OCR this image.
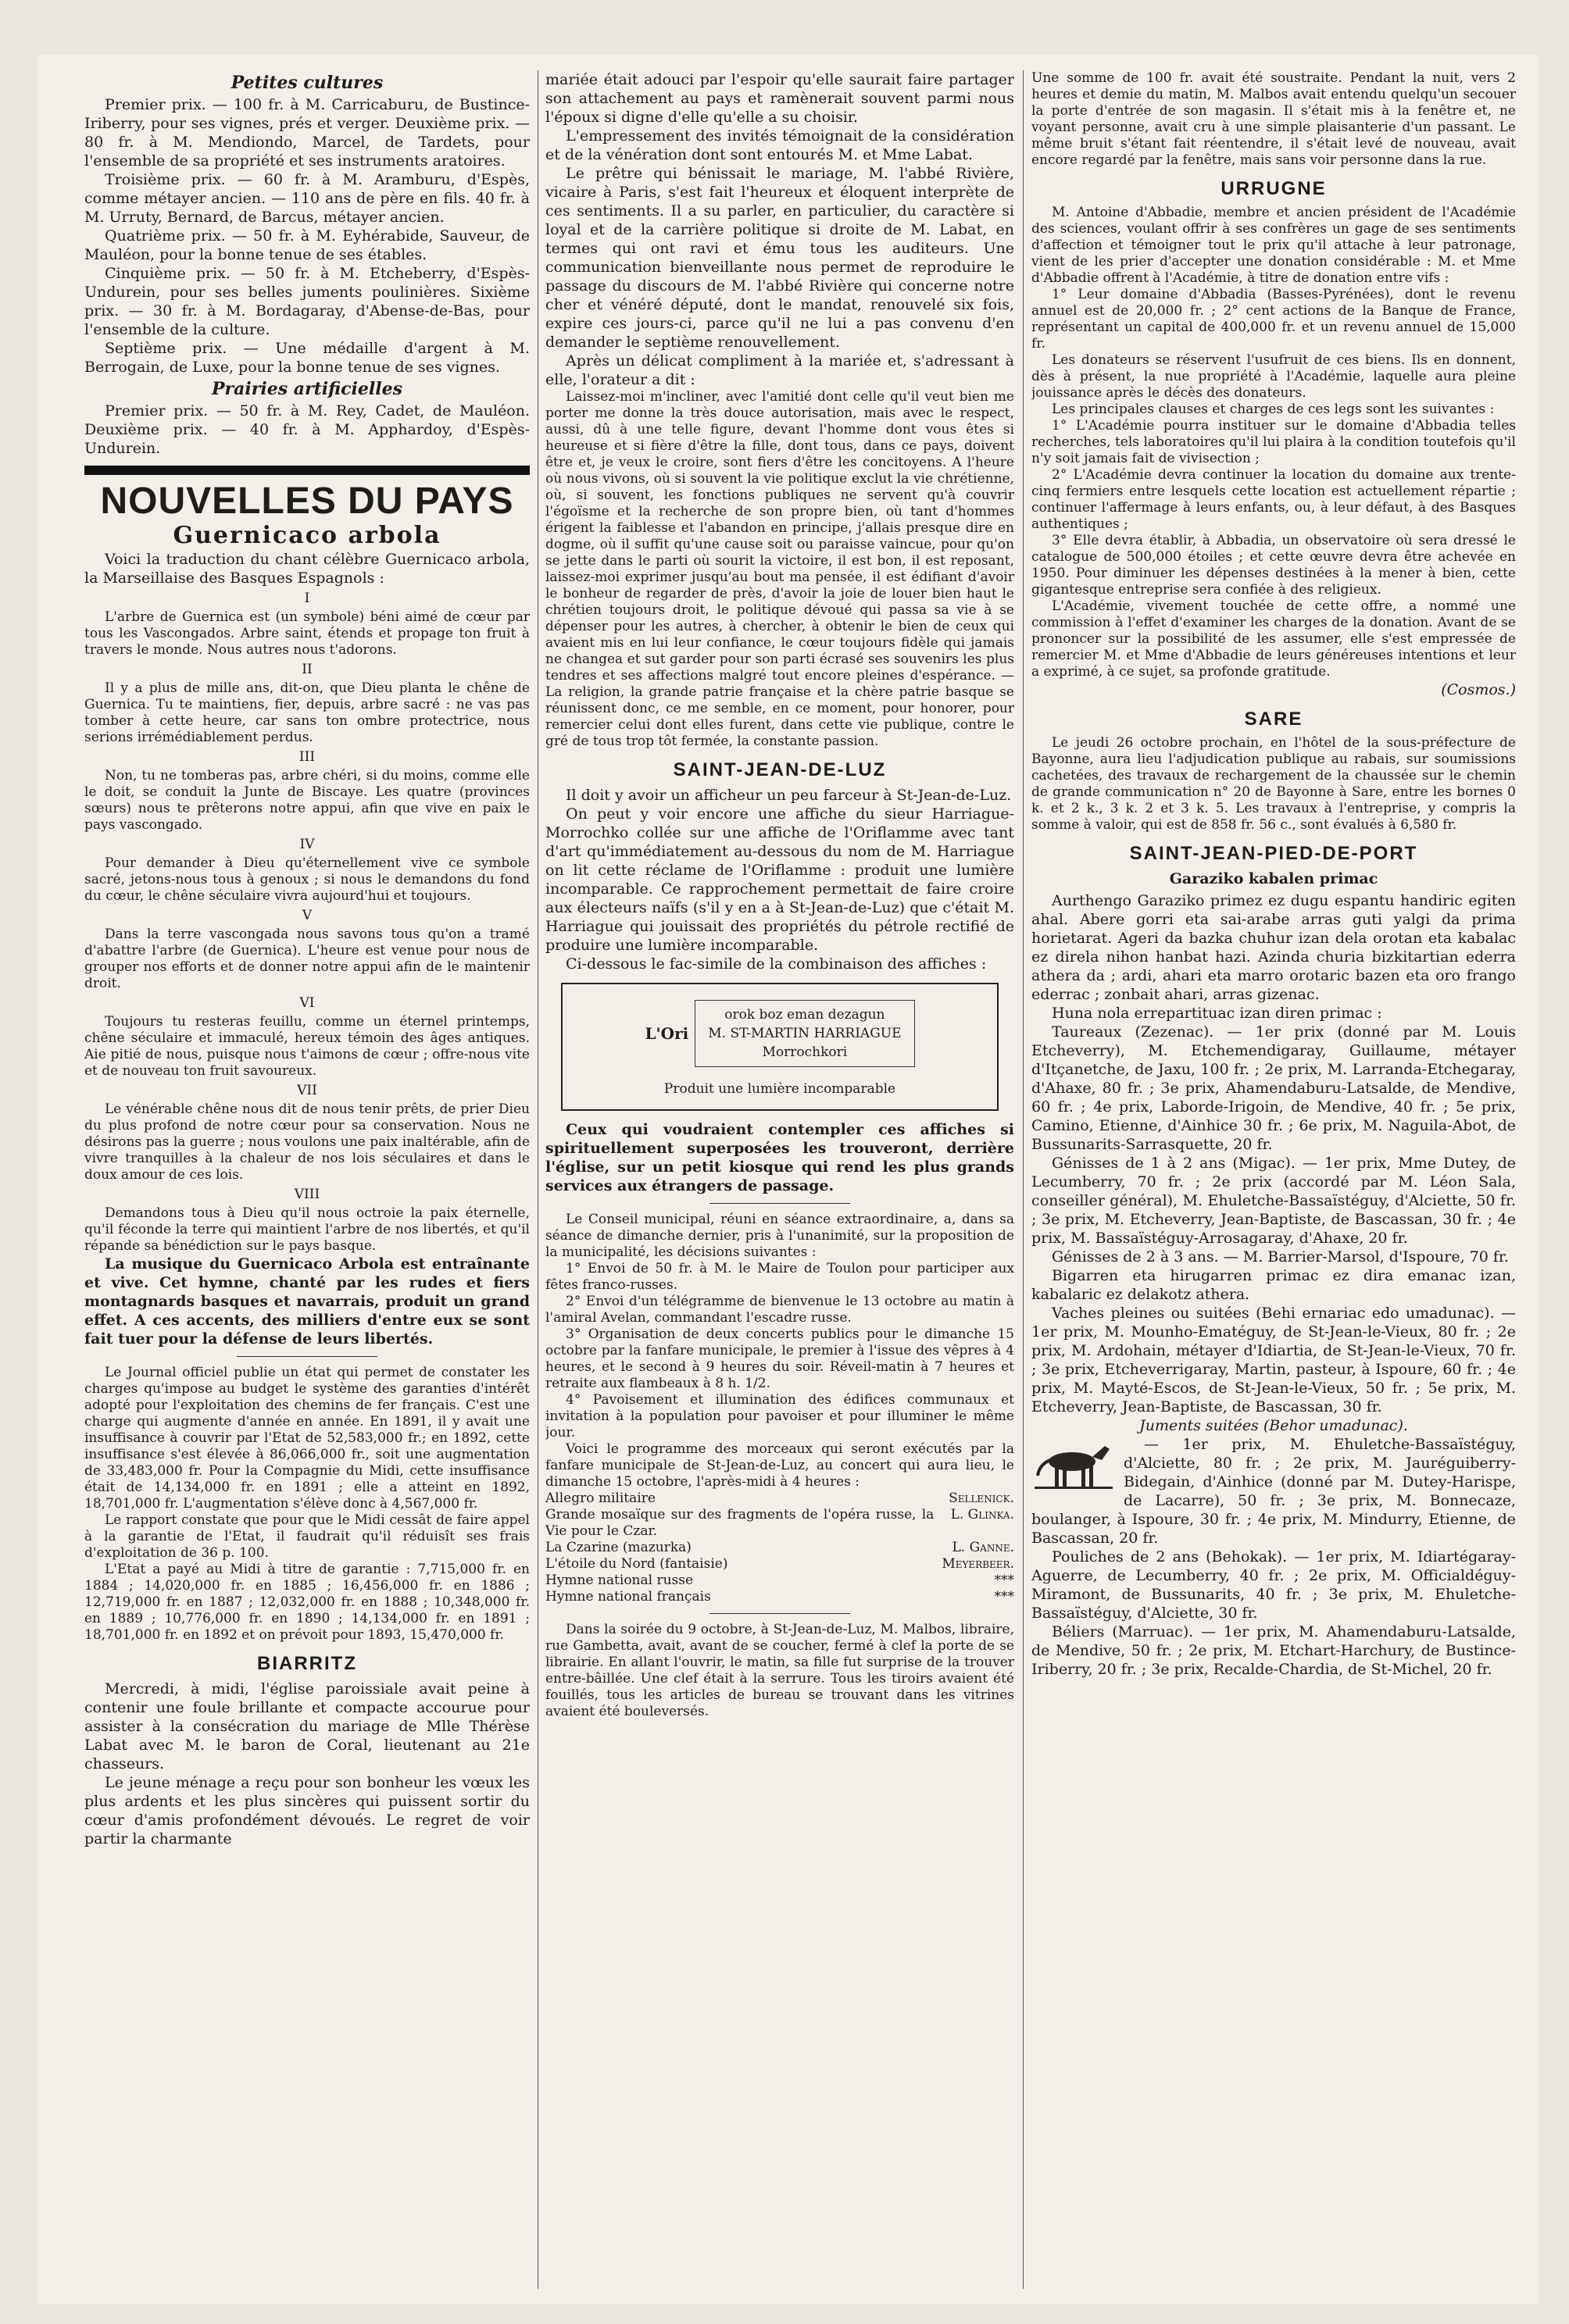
Petites cultures

Premier prix. — 100 fr. à M. Carricaburu, de Bustince-Iriberry, pour ses vignes, prés et verger. Deuxième prix. — 80 fr. à M. Mendiondo, Marcel, de Tardets, pour l'ensemble de sa propriété et ses instruments aratoires.

Troisième prix. — 60 fr. à M. Aramburu, d'Espès, comme métayer ancien. — 110 ans de père en fils. 40 fr. à M. Urruty, Bernard, de Barcus, métayer ancien.

Quatrième prix. — 50 fr. à M. Eyhérabide, Sauveur, de Mauléon, pour la bonne tenue de ses étables.

Cinquième prix. — 50 fr. à M. Etcheberry, d'Espès-Undurein, pour ses belles juments poulinières. Sixième prix. — 30 fr. à M. Bordagaray, d'Abense-de-Bas, pour l'ensemble de la culture.

Septième prix. — Une médaille d'argent à M. Berrogain, de Luxe, pour la bonne tenue de ses vignes.

Prairies artificielles

Premier prix. — 50 fr. à M. Rey, Cadet, de Mauléon. Deuxième prix. — 40 fr. à M. Apphardoy, d'Espès-Undurein.

NOUVELLES DU PAYS
Guernicaco arbola

Voici la traduction du chant célèbre Guernicaco arbola, la Marseillaise des Basques Espagnols :

I

L'arbre de Guernica est (un symbole) béni aimé de cœur par tous les Vascongados. Arbre saint, étends et propage ton fruit à travers le monde. Nous autres nous t'adorons.

II

Il y a plus de mille ans, dit-on, que Dieu planta le chêne de Guernica. Tu te maintiens, fier, depuis, arbre sacré : ne vas pas tomber à cette heure, car sans ton ombre protectrice, nous serions irrémédiablement perdus.

III

Non, tu ne tomberas pas, arbre chéri, si du moins, comme elle le doit, se conduit la Junte de Biscaye. Les quatre (provinces sœurs) nous te prêterons notre appui, afin que vive en paix le pays vascongado.

IV

Pour demander à Dieu qu'éternellement vive ce symbole sacré, jetons-nous tous à genoux ; si nous le demandons du fond du cœur, le chêne séculaire vivra aujourd'hui et toujours.

V

Dans la terre vascongada nous savons tous qu'on a tramé d'abattre l'arbre (de Guernica). L'heure est venue pour nous de grouper nos efforts et de donner notre appui afin de le maintenir droit.

VI

Toujours tu resteras feuillu, comme un éternel printemps, chêne séculaire et immaculé, hereux témoin des âges antiques. Aie pitié de nous, puisque nous t'aimons de cœur ; offre-nous vite et de nouveau ton fruit savoureux.

VII

Le vénérable chêne nous dit de nous tenir prêts, de prier Dieu du plus profond de notre cœur pour sa conservation. Nous ne désirons pas la guerre ; nous voulons une paix inaltérable, afin de vivre tranquilles à la chaleur de nos lois séculaires et dans le doux amour de ces lois.

VIII

Demandons tous à Dieu qu'il nous octroie la paix éternelle, qu'il féconde la terre qui maintient l'arbre de nos libertés, et qu'il répande sa bénédiction sur le pays basque.

La musique du Guernicaco Arbola est entraînante et vive. Cet hymne, chanté par les rudes et fiers montagnards basques et navarrais, produit un grand effet. A ces accents, des milliers d'entre eux se sont fait tuer pour la défense de leurs libertés.

Le Journal officiel publie un état qui permet de constater les charges qu'impose au budget le système des garanties d'intérêt adopté pour l'exploitation des chemins de fer français. C'est une charge qui augmente d'année en année. En 1891, il y avait une insuffisance à couvrir par l'Etat de 52,583,000 fr.; en 1892, cette insuffisance s'est élevée à 86,066,000 fr., soit une augmentation de 33,483,000 fr. Pour la Compagnie du Midi, cette insuffisance était de 14,134,000 fr. en 1891 ; elle a atteint en 1892, 18,701,000 fr. L'augmentation s'élève donc à 4,567,000 fr.

Le rapport constate que pour que le Midi cessât de faire appel à la garantie de l'Etat, il faudrait qu'il réduisît ses frais d'exploitation de 36 p. 100.

L'Etat a payé au Midi à titre de garantie : 7,715,000 fr. en 1884 ; 14,020,000 fr. en 1885 ; 16,456,000 fr. en 1886 ; 12,719,000 fr. en 1887 ; 12,032,000 fr. en 1888 ; 10,348,000 fr. en 1889 ; 10,776,000 fr. en 1890 ; 14,134,000 fr. en 1891 ; 18,701,000 fr. en 1892 et on prévoit pour 1893, 15,470,000 fr.

BIARRITZ

Mercredi, à midi, l'église paroissiale avait peine à contenir une foule brillante et compacte accourue pour assister à la consécration du mariage de Mlle Thérèse Labat avec M. le baron de Coral, lieutenant au 21e chasseurs.

Le jeune ménage a reçu pour son bonheur les vœux les plus ardents et les plus sincères qui puissent sortir du cœur d'amis profondément dévoués. Le regret de voir partir la charmante

mariée était adouci par l'espoir qu'elle saurait faire partager son attachement au pays et ramènerait souvent parmi nous l'époux si digne d'elle qu'elle a su choisir.

L'empressement des invités témoignait de la considération et de la vénération dont sont entourés M. et Mme Labat.

Le prêtre qui bénissait le mariage, M. l'abbé Rivière, vicaire à Paris, s'est fait l'heureux et éloquent interprète de ces sentiments. Il a su parler, en particulier, du caractère si loyal et de la carrière politique si droite de M. Labat, en termes qui ont ravi et ému tous les auditeurs. Une communication bienveillante nous permet de reproduire le passage du discours de M. l'abbé Rivière qui concerne notre cher et vénéré député, dont le mandat, renouvelé six fois, expire ces jours-ci, parce qu'il ne lui a pas convenu d'en demander le septième renouvellement.

Après un délicat compliment à la mariée et, s'adressant à elle, l'orateur a dit :

Laissez-moi m'incliner, avec l'amitié dont celle qu'il veut bien me porter me donne la très douce autorisation, mais avec le respect, aussi, dû à une telle figure, devant l'homme dont vous êtes si heureuse et si fière d'être la fille, dont tous, dans ce pays, doivent être et, je veux le croire, sont fiers d'être les concitoyens. A l'heure où nous vivons, où si souvent la vie politique exclut la vie chrétienne, où, si souvent, les fonctions publiques ne servent qu'à couvrir l'égoïsme et la recherche de son propre bien, où tant d'hommes érigent la faiblesse et l'abandon en principe, j'allais presque dire en dogme, où il suffit qu'une cause soit ou paraisse vaincue, pour qu'on se jette dans le parti où sourit la victoire, il est bon, il est reposant, laissez-moi exprimer jusqu'au bout ma pensée, il est édifiant d'avoir le bonheur de regarder de près, d'avoir la joie de louer bien haut le chrétien toujours droit, le politique dévoué qui passa sa vie à se dépenser pour les autres, à chercher, à obtenir le bien de ceux qui avaient mis en lui leur confiance, le cœur toujours fidèle qui jamais ne changea et sut garder pour son parti écrasé ses souvenirs les plus tendres et ses affections malgré tout encore pleines d'espérance. — La religion, la grande patrie française et la chère patrie basque se réunissent donc, ce me semble, en ce moment, pour honorer, pour remercier celui dont elles furent, dans cette vie publique, contre le gré de tous trop tôt fermée, la constante passion.

SAINT-JEAN-DE-LUZ

Il doit y avoir un afficheur un peu farceur à St-Jean-de-Luz.

On peut y voir encore une affiche du sieur Harriague-Morrochko collée sur une affiche de l'Oriflamme avec tant d'art qu'immédiatement au-dessous du nom de M. Harriague on lit cette réclame de l'Oriflamme : produit une lumière incomparable. Ce rapprochement permettait de faire croire aux électeurs naïfs (s'il y en a à St-Jean-de-Luz) que c'était M. Harriague qui jouissait des propriétés du pétrole rectifié de produire une lumière incomparable.

Ci-dessous le fac-simile de la combinaison des affiches :

L'Ori
orok boz eman dezagun
M. ST-MARTIN HARRIAGUE
Morrochkori
Produit une lumière incomparable

Ceux qui voudraient contempler ces affiches si spirituellement superposées les trouveront, derrière l'église, sur un petit kiosque qui rend les plus grands services aux étrangers de passage.

Le Conseil municipal, réuni en séance extraordinaire, a, dans sa séance de dimanche dernier, pris à l'unanimité, sur la proposition de la municipalité, les décisions suivantes :

1° Envoi de 50 fr. à M. le Maire de Toulon pour participer aux fêtes franco-russes.

2° Envoi d'un télégramme de bienvenue le 13 octobre au matin à l'amiral Avelan, commandant l'escadre russe.

3° Organisation de deux concerts publics pour le dimanche 15 octobre par la fanfare municipale, le premier à l'issue des vêpres à 4 heures, et le second à 9 heures du soir. Réveil-matin à 7 heures et retraite aux flambeaux à 8 h. 1/2.

4° Pavoisement et illumination des édifices communaux et invitation à la population pour pavoiser et pour illuminer le même jour.

Voici le programme des morceaux qui seront exécutés par la fanfare municipale de St-Jean-de-Luz, au concert qui aura lieu, le dimanche 15 octobre, l'après-midi à 4 heures :

Allegro militaire	Sellenick.
Grande mosaïque sur des fragments de l'opéra russe, la Vie pour le Czar.	L. Glinka.
La Czarine (mazurka)	L. Ganne.
L'étoile du Nord (fantaisie)	Meyerbeer.
Hymne national russe	***
Hymne national français	***

Dans la soirée du 9 octobre, à St-Jean-de-Luz, M. Malbos, libraire, rue Gambetta, avait, avant de se coucher, fermé à clef la porte de se librairie. En allant l'ouvrir, le matin, sa fille fut surprise de la trouver entre-bâillée. Une clef était à la serrure. Tous les tiroirs avaient été fouillés, tous les articles de bureau se trouvant dans les vitrines avaient été bouleversés.

Une somme de 100 fr. avait été soustraite. Pendant la nuit, vers 2 heures et demie du matin, M. Malbos avait entendu quelqu'un secouer la porte d'entrée de son magasin. Il s'était mis à la fenêtre et, ne voyant personne, avait cru à une simple plaisanterie d'un passant. Le même bruit s'étant fait réentendre, il s'était levé de nouveau, avait encore regardé par la fenêtre, mais sans voir personne dans la rue.

URRUGNE

M. Antoine d'Abbadie, membre et ancien président de l'Académie des sciences, voulant offrir à ses confrères un gage de ses sentiments d'affection et témoigner tout le prix qu'il attache à leur patronage, vient de les prier d'accepter une donation considérable : M. et Mme d'Abbadie offrent à l'Académie, à titre de donation entre vifs :

1° Leur domaine d'Abbadia (Basses-Pyrénées), dont le revenu annuel est de 20,000 fr. ; 2° cent actions de la Banque de France, représentant un capital de 400,000 fr. et un revenu annuel de 15,000 fr.

Les donateurs se réservent l'usufruit de ces biens. Ils en donnent, dès à présent, la nue propriété à l'Académie, laquelle aura pleine jouissance après le décès des donateurs.

Les principales clauses et charges de ces legs sont les suivantes :

1° L'Académie pourra instituer sur le domaine d'Abbadia telles recherches, tels laboratoires qu'il lui plaira à la condition toutefois qu'il n'y soit jamais fait de vivisection ;

2° L'Académie devra continuer la location du domaine aux trente-cinq fermiers entre lesquels cette location est actuellement répartie ; continuer l'affermage à leurs enfants, ou, à leur défaut, à des Basques authentiques ;

3° Elle devra établir, à Abbadia, un observatoire où sera dressé le catalogue de 500,000 étoiles ; et cette œuvre devra être achevée en 1950. Pour diminuer les dépenses destinées à la mener à bien, cette gigantesque entreprise sera confiée à des religieux.

L'Académie, vivement touchée de cette offre, a nommé une commission à l'effet d'examiner les charges de la donation. Avant de se prononcer sur la possibilité de les assumer, elle s'est empressée de remercier M. et Mme d'Abbadie de leurs généreuses intentions et leur a exprimé, à ce sujet, sa profonde gratitude.

(Cosmos.)
SARE

Le jeudi 26 octobre prochain, en l'hôtel de la sous-préfecture de Bayonne, aura lieu l'adjudication publique au rabais, sur soumissions cachetées, des travaux de rechargement de la chaussée sur le chemin de grande communication n° 20 de Bayonne à Sare, entre les bornes 0 k. et 2 k., 3 k. 2 et 3 k. 5. Les travaux à l'entreprise, y compris la somme à valoir, qui est de 858 fr. 56 c., sont évalués à 6,580 fr.

SAINT-JEAN-PIED-DE-PORT
Garaziko kabalen primac

Aurthengo Garaziko primez ez dugu espantu handiric egiten ahal. Abere gorri eta sai-arabe arras guti yalgi da prima horietarat. Ageri da bazka chuhur izan dela orotan eta kabalac ez direla nihon hanbat hazi. Azinda churia bizkitartian ederra athera da ; ardi, ahari eta marro orotaric bazen eta oro frango ederrac ; zonbait ahari, arras gizenac.

Huna nola errepartituac izan diren primac :

Taureaux (Zezenac). — 1er prix (donné par M. Louis Etcheverry), M. Etchemendigaray, Guillaume, métayer d'Itçanetche, de Jaxu, 100 fr. ; 2e prix, M. Larranda-Etchegaray, d'Ahaxe, 80 fr. ; 3e prix, Ahamendaburu-Latsalde, de Mendive, 60 fr. ; 4e prix, Laborde-Irigoin, de Mendive, 40 fr. ; 5e prix, Camino, Etienne, d'Ainhice 30 fr. ; 6e prix, M. Naguila-Abot, de Bussunarits-Sarrasquette, 20 fr.

Génisses de 1 à 2 ans (Migac). — 1er prix, Mme Dutey, de Lecumberry, 70 fr. ; 2e prix (accordé par M. Léon Sala, conseiller général), M. Ehuletche-Bassaïstéguy, d'Alciette, 50 fr. ; 3e prix, M. Etcheverry, Jean-Baptiste, de Bascassan, 30 fr. ; 4e prix, M. Bassaïstéguy-Arrosagaray, d'Ahaxe, 20 fr.

Génisses de 2 à 3 ans. — M. Barrier-Marsol, d'Ispoure, 70 fr.

Bigarren eta hirugarren primac ez dira emanac izan, kabalaric ez delakotz athera.

Vaches pleines ou suitées (Behi ernariac edo umadunac). — 1er prix, M. Mounho-Ematéguy, de St-Jean-le-Vieux, 80 fr. ; 2e prix, M. Ardohain, métayer d'Idiartia, de St-Jean-le-Vieux, 70 fr. ; 3e prix, Etcheverrigaray, Martin, pasteur, à Ispoure, 60 fr. ; 4e prix, M. Mayté-Escos, de St-Jean-le-Vieux, 50 fr. ; 5e prix, M. Etcheverry, Jean-Baptiste, de Bascassan, 30 fr.

Juments suitées (Behor umadunac).

— 1er prix, M. Ehuletche-Bassaïstéguy, d'Alciette, 80 fr. ; 2e prix, M. Jauréguiberry-Bidegain, d'Ainhice (donné par M. Dutey-Harispe, de Lacarre), 50 fr. ; 3e prix, M. Bonnecaze, boulanger, à Ispoure, 30 fr. ; 4e prix, M. Mindurry, Etienne, de Bascassan, 20 fr.

Pouliches de 2 ans (Behokak). — 1er prix, M. Idiartégaray-Aguerre, de Lecumberry, 40 fr. ; 2e prix, M. Officialdéguy-Miramont, de Bussunarits, 40 fr. ; 3e prix, M. Ehuletche-Bassaïstéguy, d'Alciette, 30 fr.

Béliers (Marruac). — 1er prix, M. Ahamendaburu-Latsalde, de Mendive, 50 fr. ; 2e prix, M. Etchart-Harchury, de Bustince-Iriberry, 20 fr. ; 3e prix, Recalde-Chardia, de St-Michel, 20 fr.
